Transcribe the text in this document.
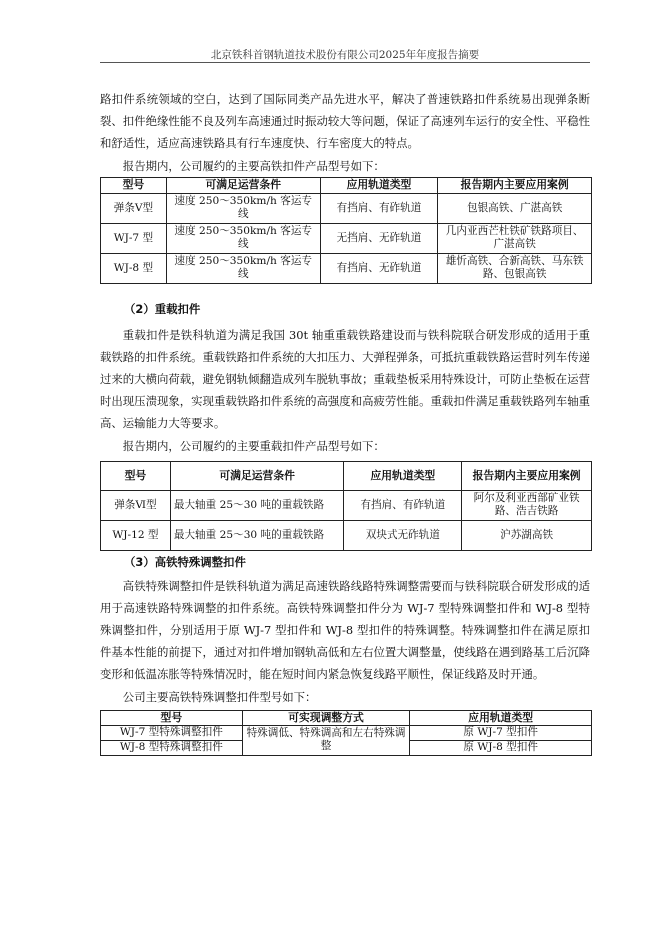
北京铁科首钢轨道技术股份有限公司2025年年度报告摘要

路扣件系统领域的空白，达到了国际同类产品先进水平，解决了普速铁路扣件系统易出现弹条断裂、扣件绝缘性能不良及列车高速通过时振动较大等问题，保证了高速列车运行的安全性、平稳性和舒适性，适应高速铁路具有行车速度快、行车密度大的特点。

报告期内，公司履约的主要高铁扣件产品型号如下：

型号	可满足运营条件	应用轨道类型	报告期内主要应用案例
弹条Ⅴ型	速度 250～350km/h 客运专线	有挡肩、有砟轨道	包银高铁、广湛高铁
WJ-7 型	速度 250～350km/h 客运专线	无挡肩、无砟轨道	几内亚西芒杜铁矿铁路项目、广湛高铁
WJ-8 型	速度 250～350km/h 客运专线	有挡肩、无砟轨道	雄忻高铁、合新高铁、马东铁路、包银高铁
（2）重载扣件

重载扣件是铁科轨道为满足我国 30t 轴重重载铁路建设而与铁科院联合研发形成的适用于重载铁路的扣件系统。重载铁路扣件系统的大扣压力、大弹程弹条，可抵抗重载铁路运营时列车传递过来的大横向荷载，避免钢轨倾翻造成列车脱轨事故；重载垫板采用特殊设计，可防止垫板在运营时出现压溃现象，实现重载铁路扣件系统的高强度和高疲劳性能。重载扣件满足重载铁路列车轴重高、运输能力大等要求。

报告期内，公司履约的主要重载扣件产品型号如下：

型号	可满足运营条件	应用轨道类型	报告期内主要应用案例
弹条Ⅵ型	最大轴重 25～30 吨的重载铁路	有挡肩、有砟轨道	阿尔及利亚西部矿业铁路、浩吉铁路
WJ-12 型	最大轴重 25～30 吨的重载铁路	双块式无砟轨道	沪苏湖高铁
（3）高铁特殊调整扣件

高铁特殊调整扣件是铁科轨道为满足高速铁路线路特殊调整需要而与铁科院联合研发形成的适用于高速铁路特殊调整的扣件系统。高铁特殊调整扣件分为 WJ-7 型特殊调整扣件和 WJ-8 型特殊调整扣件，分别适用于原 WJ-7 型扣件和 WJ-8 型扣件的特殊调整。特殊调整扣件在满足原扣件基本性能的前提下，通过对扣件增加钢轨高低和左右位置大调整量，使线路在遇到路基工后沉降变形和低温冻胀等特殊情况时，能在短时间内紧急恢复线路平顺性，保证线路及时开通。

公司主要高铁特殊调整扣件型号如下：

型号	可实现调整方式	应用轨道类型
WJ-7 型特殊调整扣件	特殊调低、特殊调高和左右特殊调整	原 WJ-7 型扣件
WJ-8 型特殊调整扣件		原 WJ-8 型扣件
